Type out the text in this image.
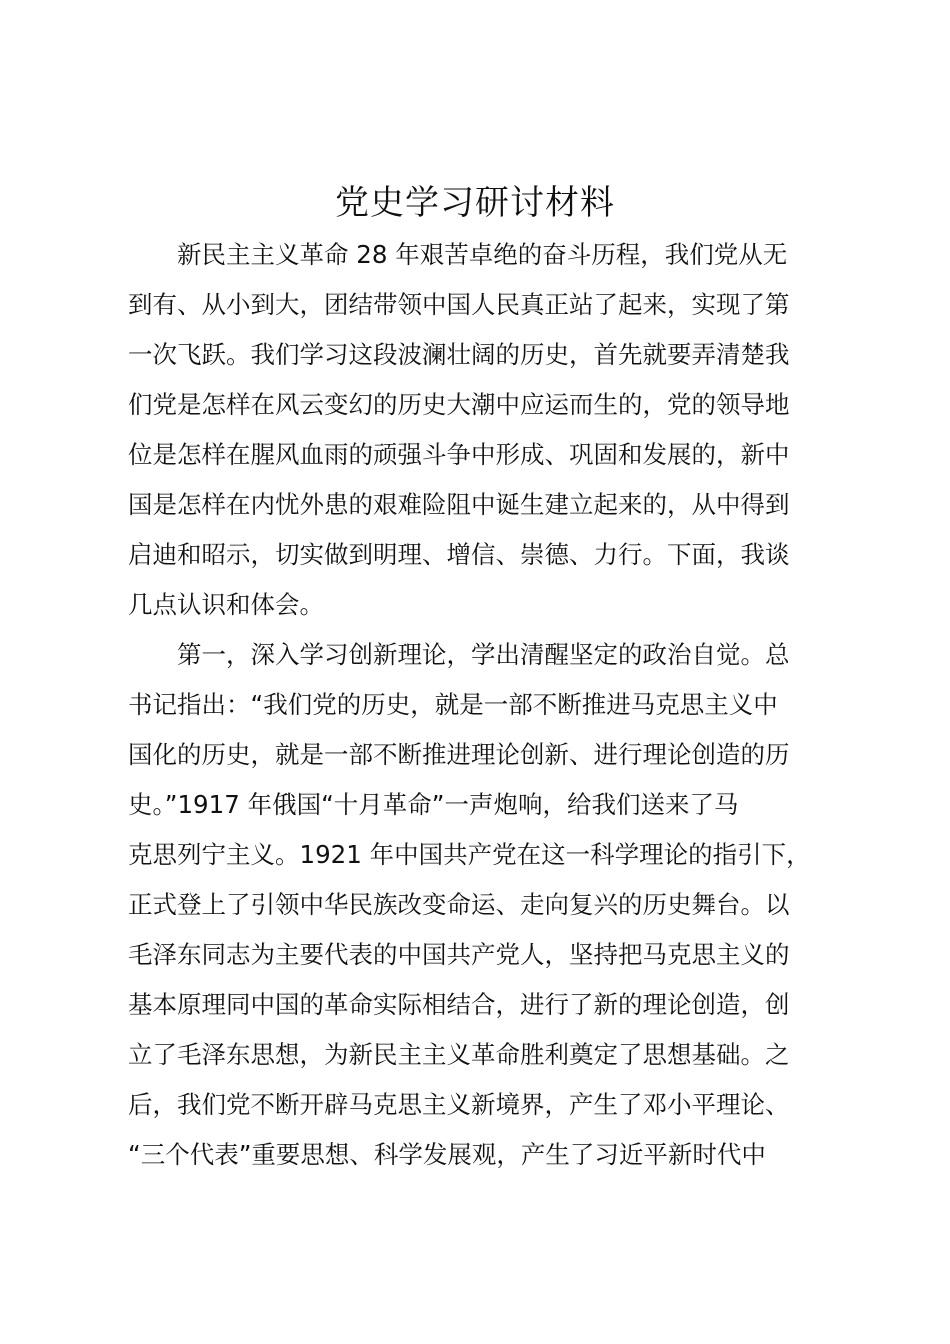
党史学习研讨材料
　　新民主主义革命 28 年艰苦卓绝的奋斗历程，我们党从无
到有、从小到大，团结带领中国人民真正站了起来，实现了第
一次飞跃。我们学习这段波澜壮阔的历史，首先就要弄清楚我
们党是怎样在风云变幻的历史大潮中应运而生的，党的领导地
位是怎样在腥风血雨的顽强斗争中形成、巩固和发展的，新中
国是怎样在内忧外患的艰难险阻中诞生建立起来的，从中得到
启迪和昭示，切实做到明理、增信、崇德、力行。下面，我谈
几点认识和体会。
　　第一，深入学习创新理论，学出清醒坚定的政治自觉。总
书记指出：“我们党的历史，就是一部不断推进马克思主义中
国化的历史，就是一部不断推进理论创新、进行理论创造的历
史。”1917 年俄国“十月革命”一声炮响，给我们送来了马
克思列宁主义。1921 年中国共产党在这一科学理论的指引下，
正式登上了引领中华民族改变命运、走向复兴的历史舞台。以
毛泽东同志为主要代表的中国共产党人，坚持把马克思主义的
基本原理同中国的革命实际相结合，进行了新的理论创造，创
立了毛泽东思想，为新民主主义革命胜利奠定了思想基础。之
后，我们党不断开辟马克思主义新境界，产生了邓小平理论、
“三个代表”重要思想、科学发展观，产生了习近平新时代中
